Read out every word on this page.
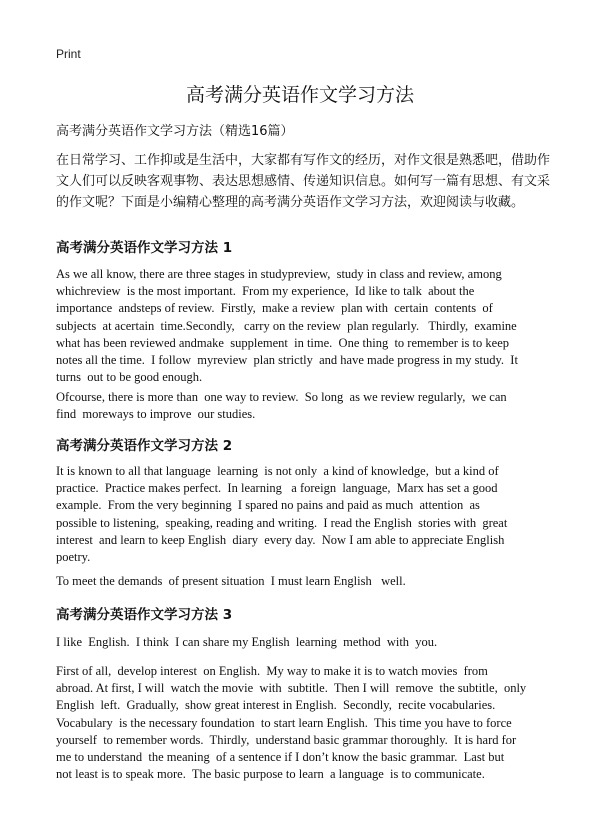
Print
高考满分英语作文学习方法

高考满分英语作文学习方法（精选16篇）

在日常学习、工作抑或是生活中，大家都有写作文的经历，对作文很是熟悉吧，借助作文人们可以反映客观事物、表达思想感情、传递知识信息。如何写一篇有思想、有文采的作文呢？下面是小编精心整理的高考满分英语作文学习方法，欢迎阅读与收藏。

高考满分英语作文学习方法 1

As we all know, there are three stages in studypreview,  study in class and review, among
whichreview  is the most important.  From my experience,  Id like to talk  about the
importance  andsteps of review.  Firstly,  make a review  plan with  certain  contents  of
subjects  at acertain  time.Secondly,   carry on the review  plan regularly.   Thirdly,  examine
what has been reviewed andmake  supplement  in time.  One thing  to remember is to keep
notes all the time.  I follow  myreview  plan strictly  and have made progress in my study.  It
turns  out to be good enough.

Ofcourse, there is more than  one way to review.  So long  as we review regularly,  we can
find  moreways to improve  our studies.

高考满分英语作文学习方法 2

It is known to all that language  learning  is not only  a kind of knowledge,  but a kind of
practice.  Practice makes perfect.  In learning   a foreign  language,  Marx has set a good
example.  From the very beginning  I spared no pains and paid as much  attention  as
possible to listening,  speaking, reading and writing.  I read the English  stories with  great
interest  and learn to keep English  diary  every day.  Now I am able to appreciate English
poetry.

To meet the demands  of present situation  I must learn English   well.

高考满分英语作文学习方法 3

I like  English.  I think  I can share my English  learning  method  with  you.

First of all,  develop interest  on English.  My way to make it is to watch movies  from
abroad. At first, I will  watch the movie  with  subtitle.  Then I will  remove  the subtitle,  only
English  left.  Gradually,  show great interest in English.  Secondly,  recite vocabularies.
Vocabulary  is the necessary foundation  to start learn English.  This time you have to force
yourself  to remember words.  Thirdly,  understand basic grammar thoroughly.  It is hard for
me to understand  the meaning  of a sentence if I don’t know the basic grammar.  Last but
not least is to speak more.  The basic purpose to learn  a language  is to communicate.
